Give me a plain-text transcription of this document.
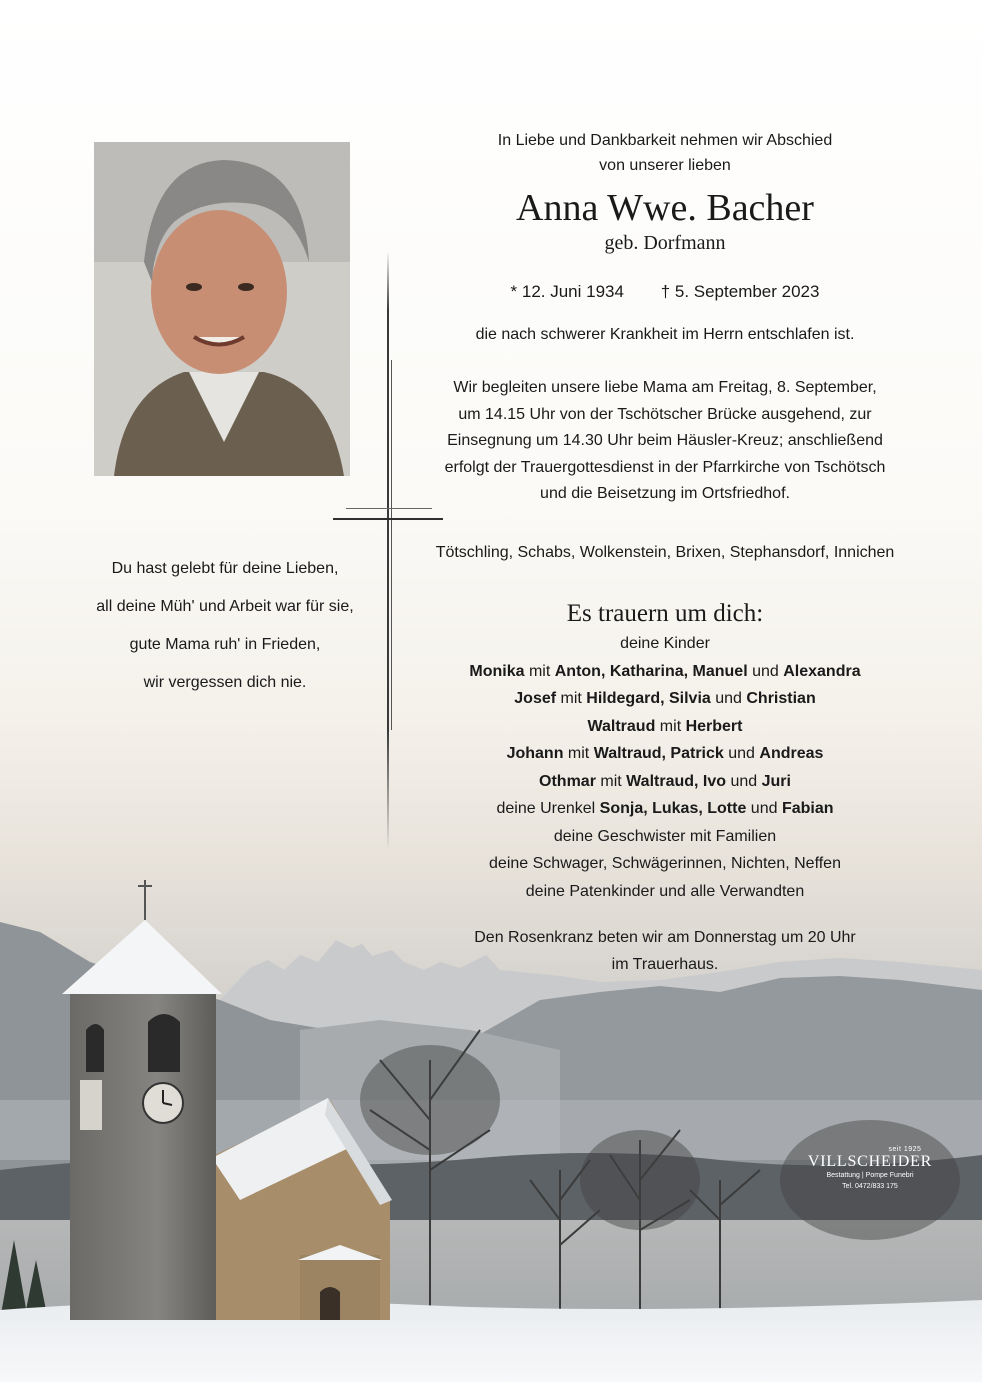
In Liebe und Dankbarkeit nehmen wir Abschied

von unserer lieben

Anna Wwe. Bacher
geb. Dorfmann
* 12. Juni 1934 † 5. September 2023

die nach schwerer Krankheit im Herrn entschlafen ist.

Wir begleiten unsere liebe Mama am Freitag, 8. September,

um 14.15 Uhr von der Tschötscher Brücke ausgehend, zur

Einsegnung um 14.30 Uhr beim Häusler-Kreuz; anschließend

erfolgt der Trauergottesdienst in der Pfarrkirche von Tschötsch

und die Beisetzung im Ortsfriedhof.

Tötschling, Schabs, Wolkenstein, Brixen, Stephansdorf, Innichen

Es trauern um dich:

deine Kinder

Monika mit Anton, Katharina, Manuel und Alexandra

Josef mit Hildegard, Silvia und Christian

Waltraud mit Herbert

Johann mit Waltraud, Patrick und Andreas

Othmar mit Waltraud, Ivo und Juri

deine Urenkel Sonja, Lukas, Lotte und Fabian

deine Geschwister mit Familien

deine Schwager, Schwägerinnen, Nichten, Neffen

deine Patenkinder und alle Verwandten

Den Rosenkranz beten wir am Donnerstag um 20 Uhr

im Trauerhaus.

Du hast gelebt für deine Lieben,

all deine Müh' und Arbeit war für sie,

gute Mama ruh' in Frieden,

wir vergessen dich nie.

seit 1925
VILLSCHEIDER
Bestattung | Pompe Funebri
Tel. 0472/833 175
